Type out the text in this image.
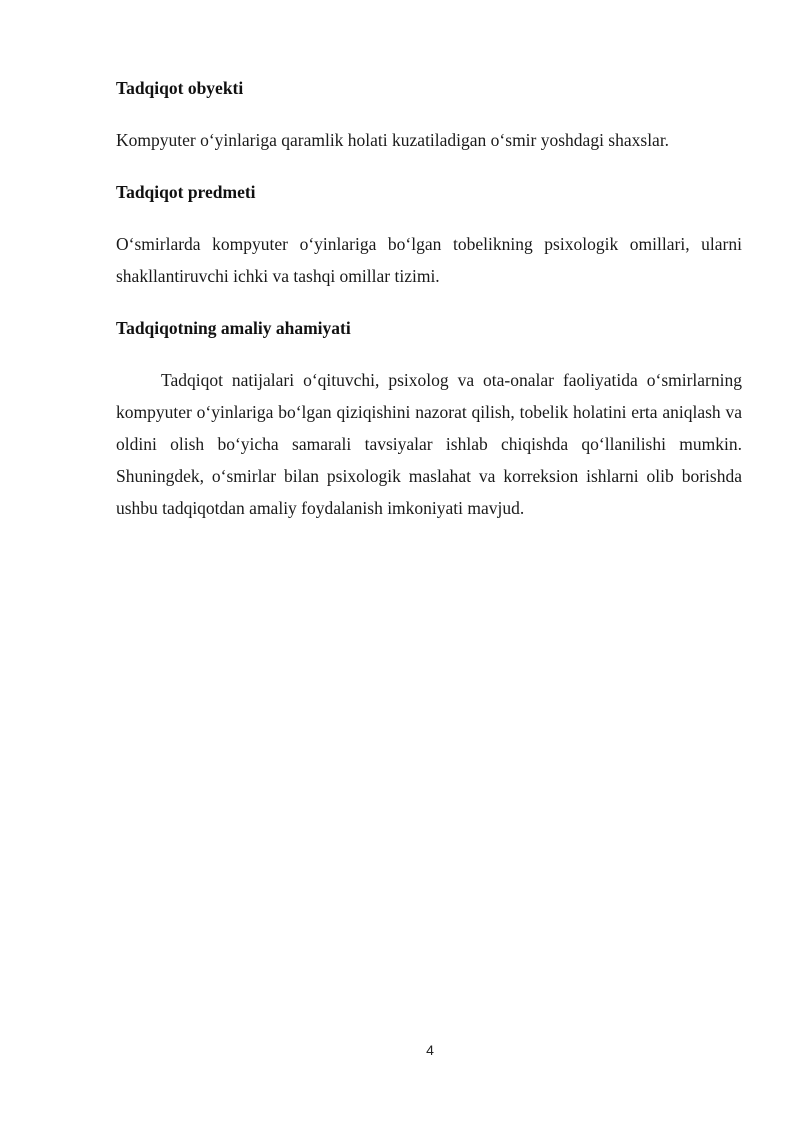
Tadqiqot obyekti

Kompyuter o‘yinlariga qaramlik holati kuzatiladigan o‘smir yoshdagi shaxslar.

Tadqiqot predmeti

O‘smirlarda kompyuter o‘yinlariga bo‘lgan tobelikning psixologik omillari, ularni shakllantiruvchi ichki va tashqi omillar tizimi.

Tadqiqotning amaliy ahamiyati

Tadqiqot natijalari o‘qituvchi, psixolog va ota-onalar faoliyatida o‘smirlarning kompyuter o‘yinlariga bo‘lgan qiziqishini nazorat qilish, tobelik holatini erta aniqlash va oldini olish bo‘yicha samarali tavsiyalar ishlab chiqishda qo‘llanilishi mumkin. Shuningdek, o‘smirlar bilan psixologik maslahat va korreksion ishlarni olib borishda ushbu tadqiqotdan amaliy foydalanish imkoniyati mavjud.

4
